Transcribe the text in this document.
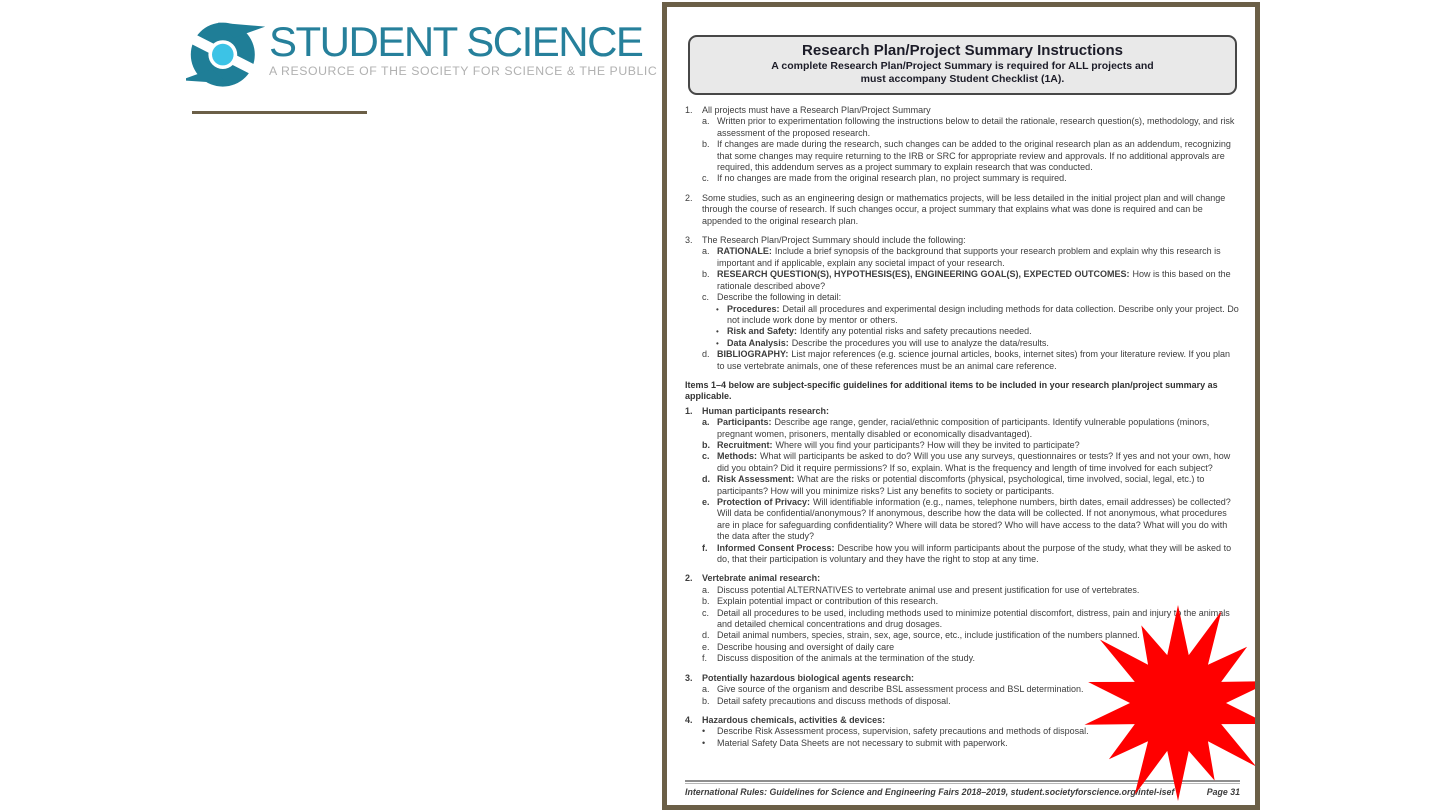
STUDENT SCIENCE
A RESOURCE OF THE SOCIETY FOR SCIENCE & THE PUBLIC
Research Plan/Project Summary Instructions
A complete Research Plan/Project Summary is required for ALL projects and
must accompany Student Checklist (1A).
1.	All projects must have a Research Plan/Project Summary
a. Written prior to experimentation following the instructions below to detail the rationale, research question(s), methodology, and risk assessment of the proposed research.
b. If changes are made during the research, such changes can be added to the original research plan as an addendum, recognizing that some changes may require returning to the IRB or SRC for appropriate review and approvals. If no additional approvals are required, this addendum serves as a project summary to explain research that was conducted.
c. If no changes are made from the original research plan, no project summary is required.
2.	Some studies, such as an engineering design or mathematics projects, will be less detailed in the initial project plan and will change through the course of research. If such changes occur, a project summary that explains what was done is required and can be appended to the original research plan.
3.	The Research Plan/Project Summary should include the following:
a. RATIONALE: Include a brief synopsis of the background that supports your research problem and explain why this research is important and if applicable, explain any societal impact of your research.
b. RESEARCH QUESTION(S), HYPOTHESIS(ES), ENGINEERING GOAL(S), EXPECTED OUTCOMES: How is this based on the rationale described above?
c. Describe the following in detail:
• Procedures: Detail all procedures and experimental design including methods for data collection. Describe only your project. Do not include work done by mentor or others.
• Risk and Safety: Identify any potential risks and safety precautions needed.
• Data Analysis: Describe the procedures you will use to analyze the data/results.
d. BIBLIOGRAPHY: List major references (e.g. science journal articles, books, internet sites) from your literature review. If you plan to use vertebrate animals, one of these references must be an animal care reference.
Items 1–4 below are subject-specific guidelines for additional items to be included in your research plan/project summary as applicable.
1.	Human participants research:
a. Participants: Describe age range, gender, racial/ethnic composition of participants. Identify vulnerable populations (minors, pregnant women, prisoners, mentally disabled or economically disadvantaged).
b. Recruitment: Where will you find your participants? How will they be invited to participate?
c. Methods: What will participants be asked to do? Will you use any surveys, questionnaires or tests? If yes and not your own, how did you obtain? Did it require permissions? If so, explain. What is the frequency and length of time involved for each subject?
d. Risk Assessment: What are the risks or potential discomforts (physical, psychological, time involved, social, legal, etc.) to participants? How will you minimize risks? List any benefits to society or participants.
e. Protection of Privacy: Will identifiable information (e.g., names, telephone numbers, birth dates, email addresses) be collected? Will data be confidential/anonymous? If anonymous, describe how the data will be collected. If not anonymous, what procedures are in place for safeguarding confidentiality? Where will data be stored? Who will have access to the data? What will you do with the data after the study?
f.	Informed Consent Process: Describe how you will inform participants about the purpose of the study, what they will be asked to do, that their participation is voluntary and they have the right to stop at any time.
2.	Vertebrate animal research:
a. Discuss potential ALTERNATIVES to vertebrate animal use and present justification for use of vertebrates.
b. Explain potential impact or contribution of this research.
c. Detail all procedures to be used, including methods used to minimize potential discomfort, distress, pain and injury to the animals and detailed chemical concentrations and drug dosages.
d. Detail animal numbers, species, strain, sex, age, source, etc., include justification of the numbers planned.
e. Describe housing and oversight of daily care
f.	Discuss disposition of the animals at the termination of the study.
3.	Potentially hazardous biological agents research:
a. Give source of the organism and describe BSL assessment process and BSL determination.
b. Detail safety precautions and discuss methods of disposal.
4.	Hazardous chemicals, activities & devices:
•	Describe Risk Assessment process, supervision, safety precautions and methods of disposal.
•	Material Safety Data Sheets are not necessary to submit with paperwork.
International Rules: Guidelines for Science and Engineering Fairs 2018–2019, student.societyforscience.org/intel-isef	Page 31
